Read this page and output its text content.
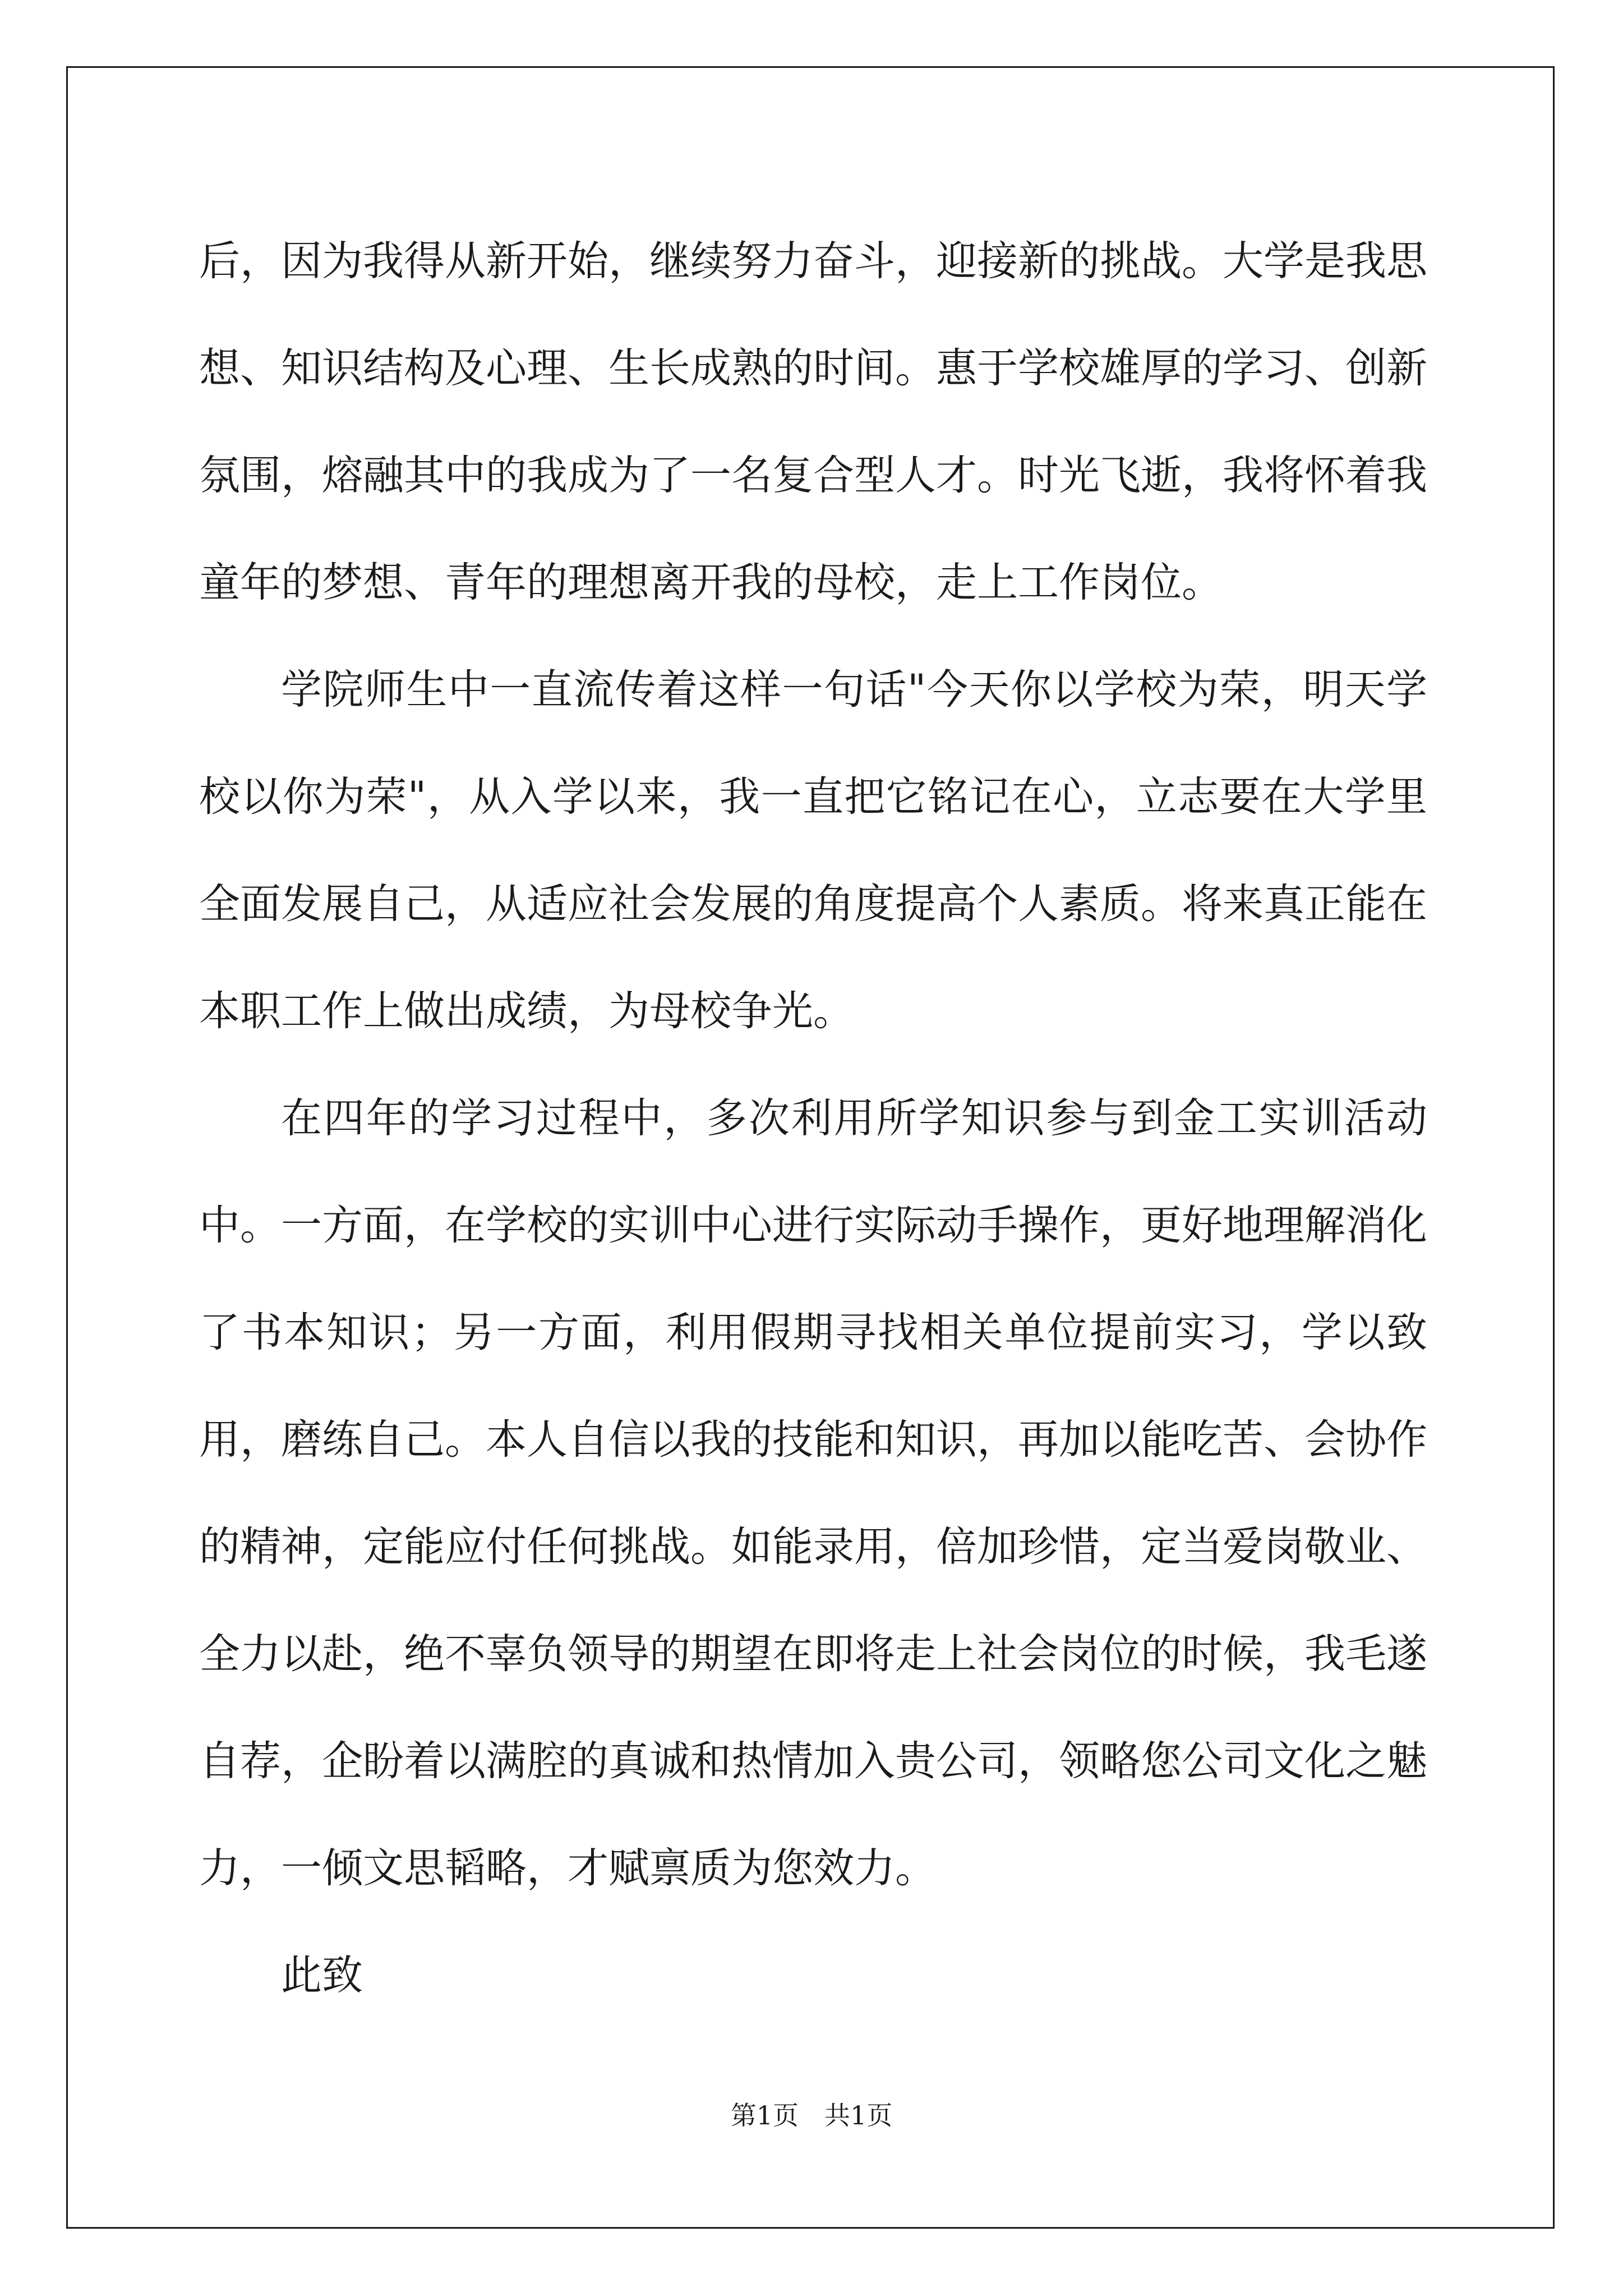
后，因为我得从新开始，继续努力奋斗，迎接新的挑战。大学是我思想、知识结构及心理、生长成熟的时间。惠于学校雄厚的学习、创新氛围，熔融其中的我成为了一名复合型人才。时光飞逝，我将怀着我童年的梦想、青年的理想离开我的母校，走上工作岗位。

学院师生中一直流传着这样一句话"今天你以学校为荣，明天学校以你为荣"，从入学以来，我一直把它铭记在心，立志要在大学里全面发展自己，从适应社会发展的角度提高个人素质。将来真正能在本职工作上做出成绩，为母校争光。

在四年的学习过程中，多次利用所学知识参与到金工实训活动中。一方面，在学校的实训中心进行实际动手操作，更好地理解消化了书本知识；另一方面，利用假期寻找相关单位提前实习，学以致用，磨练自己。本人自信以我的技能和知识，再加以能吃苦、会协作的精神，定能应付任何挑战。如能录用，倍加珍惜，定当爱岗敬业、全力以赴，绝不辜负领导的期望在即将走上社会岗位的时候，我毛遂自荐，企盼着以满腔的真诚和热情加入贵公司，领略您公司文化之魅力，一倾文思韬略，才赋禀质为您效力。

此致

第1页　共1页
